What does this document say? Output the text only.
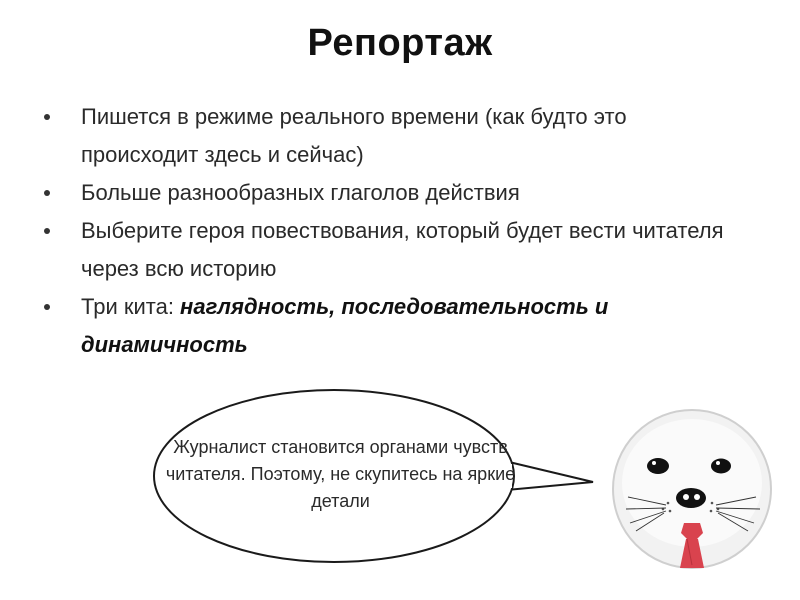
Репортаж
Пишется в режиме реального времени (как будто это происходит здесь и сейчас)
Больше разнообразных глаголов действия
Выберите героя повествования, который будет вести читателя через всю историю
Три кита: наглядность, последовательность и динамичность
Журналист становится органами чувств читателя. Поэтому, не скупитесь на яркие детали
